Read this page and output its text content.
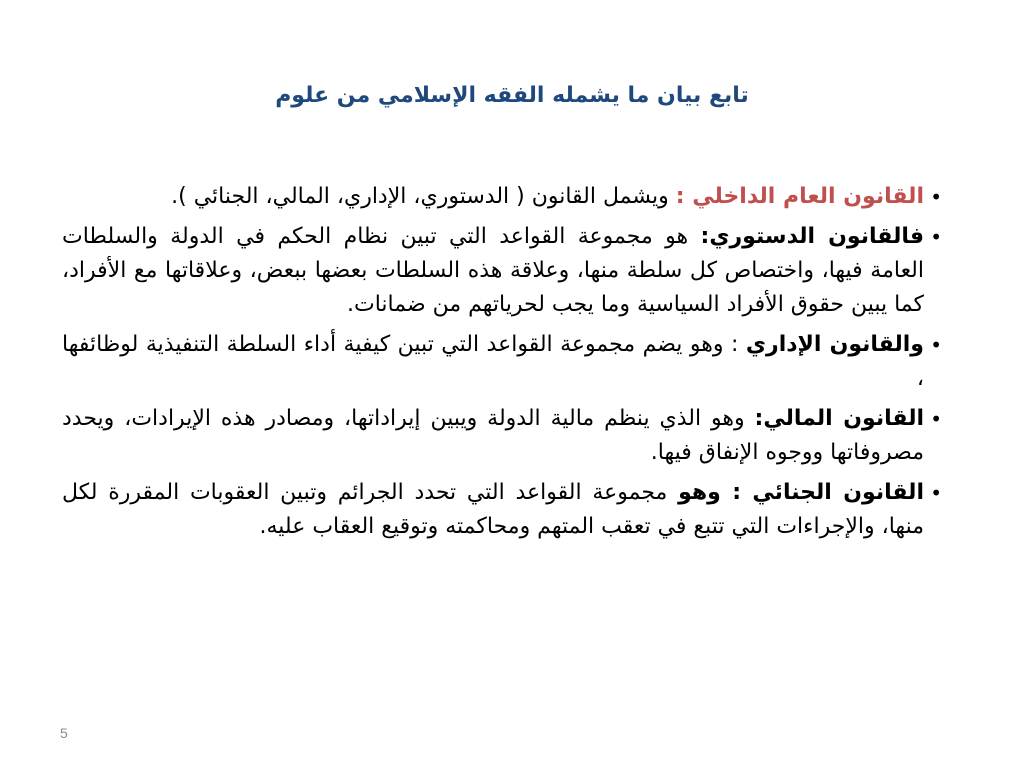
تابع بيان ما يشمله الفقه الإسلامي من علوم
•
القانون العام الداخلي : ويشمل القانون ( الدستوري، الإداري، المالي، الجنائي ).
•
فالقانون الدستوري: هو مجموعة القواعد التي تبين نظام الحكم في الدولة والسلطات العامة فيها، واختصاص كل سلطة منها، وعلاقة هذه السلطات بعضها ببعض، وعلاقاتها مع الأفراد، كما يبين حقوق الأفراد السياسية وما يجب لحرياتهم من ضمانات.
•
والقانون الإداري : وهو يضم مجموعة القواعد التي تبين كيفية أداء السلطة التنفيذية لوظائفها ،
•
القانون المالي: وهو الذي ينظم مالية الدولة ويبين إيراداتها، ومصادر هذه الإيرادات، ويحدد مصروفاتها ووجوه الإنفاق فيها.
•
القانون الجنائي : وهو مجموعة القواعد التي تحدد الجرائم وتبين العقوبات المقررة لكل منها، والإجراءات التي تتبع في تعقب المتهم ومحاكمته وتوقيع العقاب عليه.
5
